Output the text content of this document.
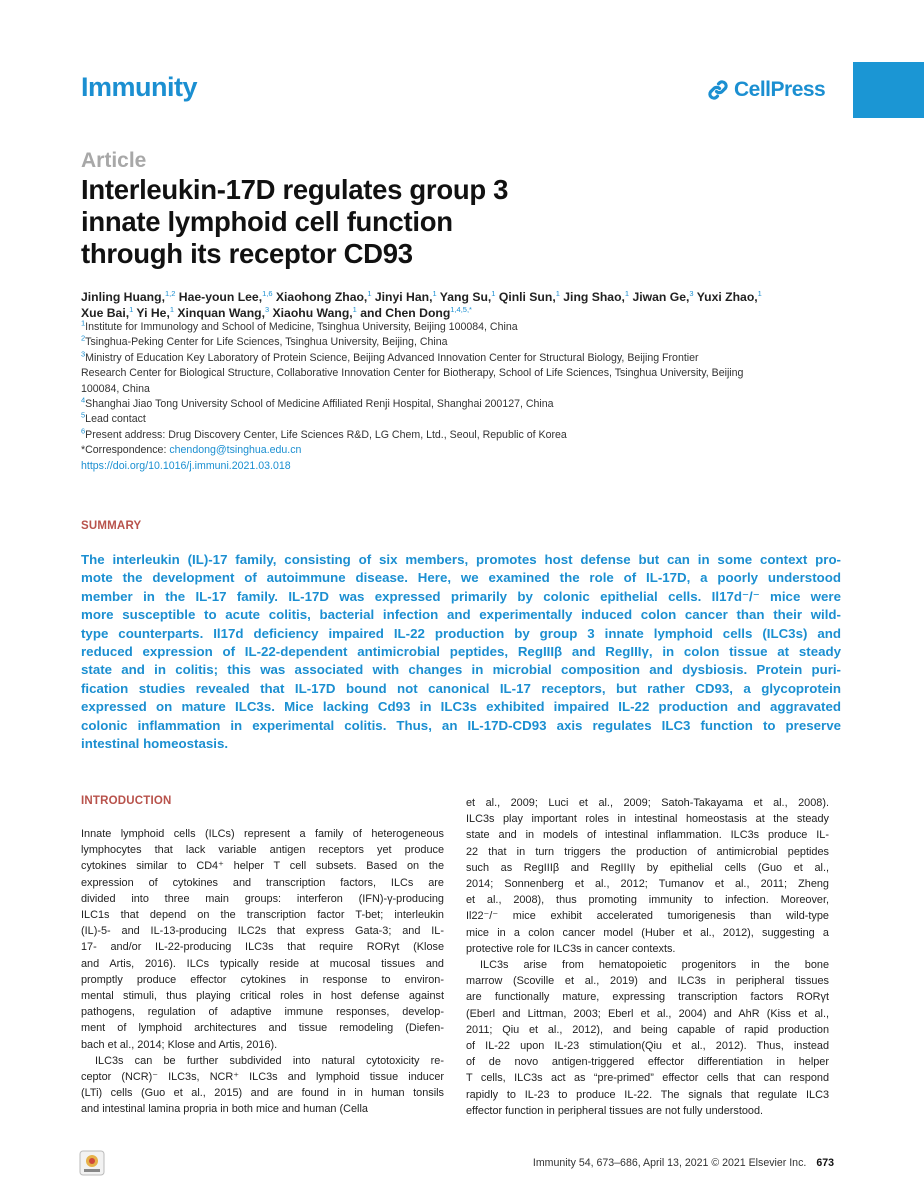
Immunity	CellPress
Article
Interleukin-17D regulates group 3
innate lymphoid cell function
through its receptor CD93
Jinling Huang,$^{1,2}$ Hae-youn Lee,$^{1,6}$ Xiaohong Zhao,$^1$ Jinyi Han,$^1$ Yang Su,$^1$ Qinli Sun,$^1$ Jing Shao,$^1$ Jiwan Ge,$^3$ Yuxi Zhao,$^1$
Xue Bai,$^1$ Yi He,$^1$ Xinquan Wang,$^3$ Xiaohu Wang,$^1$ and Chen Dong$^{1,4,5,*}$
$^1$Institute for Immunology and School of Medicine, Tsinghua University, Beijing 100084, China
$^2$Tsinghua-Peking Center for Life Sciences, Tsinghua University, Beijing, China
$^3$Ministry of Education Key Laboratory of Protein Science, Beijing Advanced Innovation Center for Structural Biology, Beijing Frontier
Research Center for Biological Structure, Collaborative Innovation Center for Biotherapy, School of Life Sciences, Tsinghua University, Beijing
100084, China
$^4$Shanghai Jiao Tong University School of Medicine Affiliated Renji Hospital, Shanghai 200127, China
$^5$Lead contact
$^6$Present address: Drug Discovery Center, Life Sciences R&D, LG Chem, Ltd., Seoul, Republic of Korea
*Correspondence: chendong@tsinghua.edu.cn
https://doi.org/10.1016/j.immuni.2021.03.018
SUMMARY
The interleukin (IL)-17 family, consisting of six members, promotes host defense but can in some context pro-
mote the development of autoimmune disease. Here, we examined the role of IL-17D, a poorly understood
member in the IL-17 family. IL-17D was expressed primarily by colonic epithelial cells. Il17d⁻/⁻ mice were
more susceptible to acute colitis, bacterial infection and experimentally induced colon cancer than their wild-
type counterparts. Il17d deficiency impaired IL-22 production by group 3 innate lymphoid cells (ILC3s) and
reduced expression of IL-22-dependent antimicrobial peptides, RegIIIβ and RegIIIγ, in colon tissue at steady
state and in colitis; this was associated with changes in microbial composition and dysbiosis. Protein puri-
fication studies revealed that IL-17D bound not canonical IL-17 receptors, but rather CD93, a glycoprotein
expressed on mature ILC3s. Mice lacking Cd93 in ILC3s exhibited impaired IL-22 production and aggravated
colonic inflammation in experimental colitis. Thus, an IL-17D-CD93 axis regulates ILC3 function to preserve
intestinal homeostasis.
INTRODUCTION
Innate lymphoid cells (ILCs) represent a family of heterogeneous
lymphocytes that lack variable antigen receptors yet produce
cytokines similar to CD4⁺ helper T cell subsets. Based on the
expression of cytokines and transcription factors, ILCs are
divided into three main groups: interferon (IFN)-γ-producing
ILC1s that depend on the transcription factor T-bet; interleukin
(IL)-5- and IL-13-producing ILC2s that express Gata-3; and IL-
17- and/or IL-22-producing ILC3s that require RORγt (Klose
and Artis, 2016). ILCs typically reside at mucosal tissues and
promptly produce effector cytokines in response to environ-
mental stimuli, thus playing critical roles in host defense against
pathogens, regulation of adaptive immune responses, develop-
ment of lymphoid architectures and tissue remodeling (Diefen-
bach et al., 2014; Klose and Artis, 2016).
ILC3s can be further subdivided into natural cytotoxicity re-
ceptor (NCR)⁻ ILC3s, NCR⁺ ILC3s and lymphoid tissue inducer
(LTi) cells (Guo et al., 2015) and are found in in human tonsils
and intestinal lamina propria in both mice and human (Cella
et al., 2009; Luci et al., 2009; Satoh-Takayama et al., 2008).
ILC3s play important roles in intestinal homeostasis at the steady
state and in models of intestinal inflammation. ILC3s produce IL-
22 that in turn triggers the production of antimicrobial peptides
such as RegIIIβ and RegIIIγ by epithelial cells (Guo et al.,
2014; Sonnenberg et al., 2012; Tumanov et al., 2011; Zheng
et al., 2008), thus promoting immunity to infection. Moreover,
Il22⁻/⁻ mice exhibit accelerated tumorigenesis than wild-type
mice in a colon cancer model (Huber et al., 2012), suggesting a
protective role for ILC3s in cancer contexts.
ILC3s arise from hematopoietic progenitors in the bone
marrow (Scoville et al., 2019) and ILC3s in peripheral tissues
are functionally mature, expressing transcription factors RORγt
(Eberl and Littman, 2003; Eberl et al., 2004) and AhR (Kiss et al.,
2011; Qiu et al., 2012), and being capable of rapid production
of IL-22 upon IL-23 stimulation(Qiu et al., 2012). Thus, instead
of de novo antigen-triggered effector differentiation in helper
T cells, ILC3s act as “pre-primed” effector cells that can respond
rapidly to IL-23 to produce IL-22. The signals that regulate ILC3
effector function in peripheral tissues are not fully understood.
Immunity 54, 673–686, April 13, 2021 © 2021 Elsevier Inc. 673
